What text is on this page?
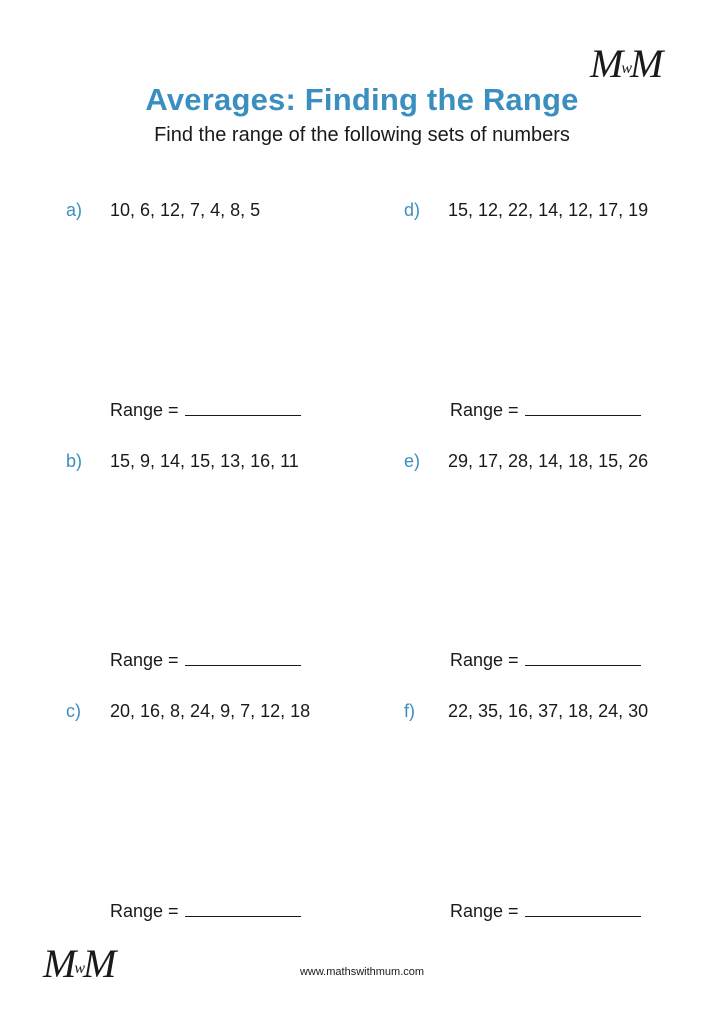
MwM
Averages: Finding the Range
Find the range of the following sets of numbers
a) 10, 6, 12, 7, 4, 8, 5
Range =
d) 15, 12, 22, 14, 12, 17, 19
Range =
b) 15, 9, 14, 15, 13, 16, 11
Range =
e) 29, 17, 28, 14, 18, 15, 26
Range =
c) 20, 16, 8, 24, 9, 7, 12, 18
Range =
f) 22, 35, 16, 37, 18, 24, 30
Range =
MwM	www.mathswithmum.com
